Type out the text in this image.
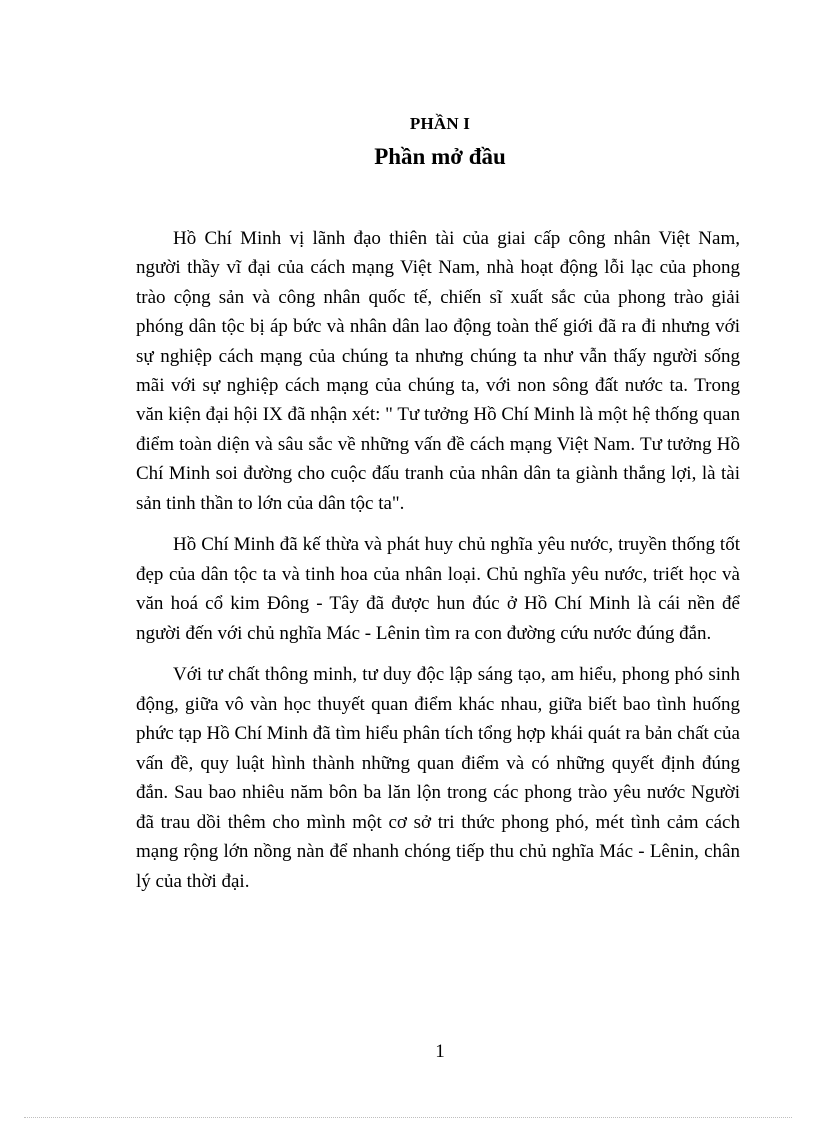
PHẦN I
Phần mở đầu

Hồ Chí Minh vị lãnh đạo thiên tài của giai cấp công nhân Việt Nam, người thầy vĩ đại của cách mạng Việt Nam, nhà hoạt động lỗi lạc của phong trào cộng sản và công nhân quốc tế, chiến sĩ xuất sắc của phong trào giải phóng dân tộc bị áp bức và nhân dân lao động toàn thế giới đã ra đi nhưng với sự nghiệp cách mạng của chúng ta nhưng chúng ta như vẫn thấy người sống mãi với sự nghiệp cách mạng của chúng ta, với non sông đất nước ta. Trong văn kiện đại hội IX đã nhận xét: " Tư tưởng Hồ Chí Minh là một hệ thống quan điểm toàn diện và sâu sắc về những vấn đề cách mạng Việt Nam. Tư tưởng Hồ Chí Minh soi đường cho cuộc đấu tranh của nhân dân ta giành thắng lợi, là tài sản tinh thần to lớn của dân tộc ta".

Hồ Chí Minh đã kế thừa và phát huy chủ nghĩa yêu nước, truyền thống tốt đẹp của dân tộc ta và tinh hoa của nhân loại. Chủ nghĩa yêu nước, triết học và văn hoá cổ kim Đông - Tây đã được hun đúc ở Hồ Chí Minh là cái nền để người đến với chủ nghĩa Mác - Lênin tìm ra con đường cứu nước đúng đắn.

Với tư chất thông minh, tư duy độc lập sáng tạo, am hiểu, phong phó sinh động, giữa vô vàn học thuyết quan điểm khác nhau, giữa biết bao tình huống phức tạp Hồ Chí Minh đã tìm hiểu phân tích tổng hợp khái quát ra bản chất của vấn đề, quy luật hình thành những quan điểm và có những quyết định đúng đắn. Sau bao nhiêu năm bôn ba lăn lộn trong các phong trào yêu nước Người đã trau dồi thêm cho mình một cơ sở tri thức phong phó, mét tình cảm cách mạng rộng lớn nồng nàn để nhanh chóng tiếp thu chủ nghĩa Mác - Lênin, chân lý của thời đại.

1
